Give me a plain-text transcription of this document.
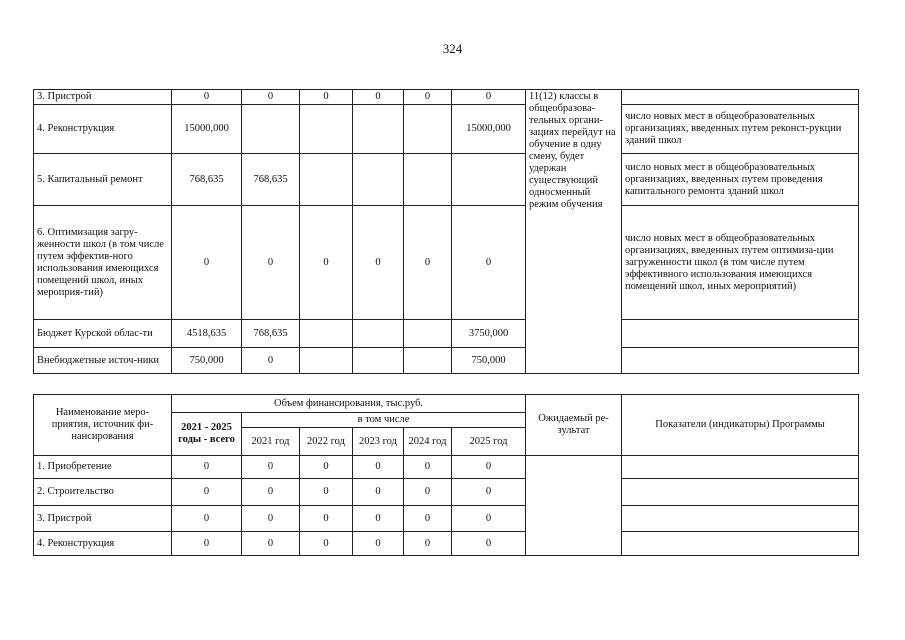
324
3. Пристрой	0	0	0	0	0	0	11(12) классы в общеобразова-тельных органи-зациях перейдут на обучение в одну смену, будет удержан существующий односменный режим обучения	
4. Реконструкция	15000,000					15000,000		число новых мест в общеобразовательных организациях, введенных путем реконст-рукции зданий школ
5. Капитальный ремонт	768,635	768,635						число новых мест в общеобразовательных организациях, введенных путем проведения капитального ремонта зданий школ
6. Оптимизация загру-женности школ (в том числе путем эффектив-ного использования имеющихся помещений школ, иных мероприя-тий)	0	0	0	0	0	0		число новых мест в общеобразовательных организациях, введенных путем оптимиза-ции загруженности школ (в том числе путем эффективного использования имеющихся помещений школ, иных мероприятий)
Бюджет Курской облас-ти	4518,635	768,635				3750,000		
Внебюджетные источ-ники	750,000	0				750,000		
Наименование меро-приятия, источник фи-нансирования	Объем финансирования, тыс.руб.						Ожидаемый ре-зультат	Показатели (индикаторы) Программы
	2021 - 2025 годы - всего	в том числе						
		2021 год	2022 год	2023 год	2024 год	2025 год		
1. Приобретение	0	0	0	0	0	0		
2. Строительство	0	0	0	0	0	0		
3. Пристрой	0	0	0	0	0	0		
4. Реконструкция	0	0	0	0	0	0		
